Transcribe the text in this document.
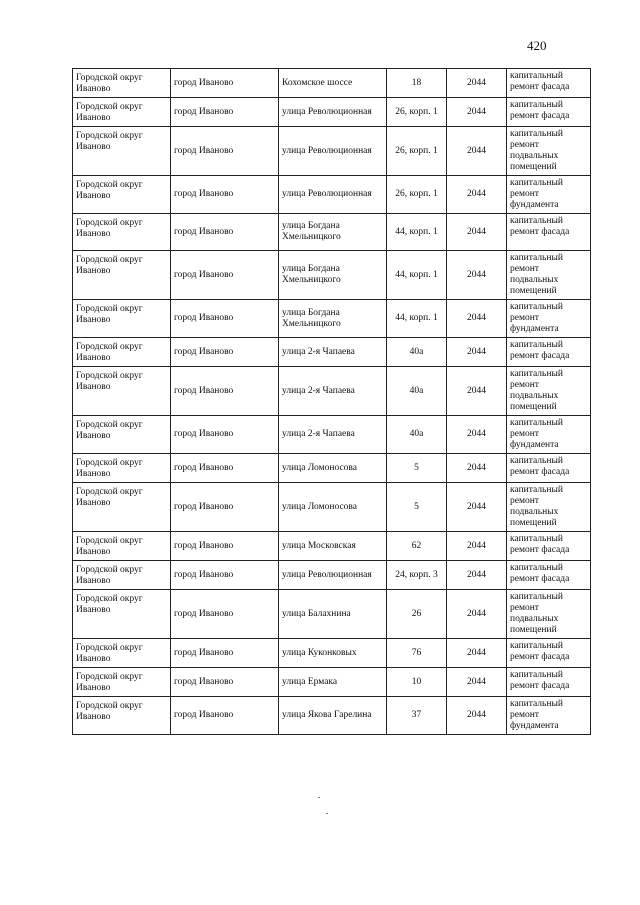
420
Городской округ Иваново	город Иваново	Кохомское шоссе	18	2044	капитальный ремонт фасада
Городской округ Иваново	город Иваново	улица Революционная	26, корп. 1	2044	капитальный ремонт фасада
Городской округ Иваново	город Иваново	улица Революционная	26, корп. 1	2044	капитальный ремонт подвальных помещений
Городской округ Иваново	город Иваново	улица Революционная	26, корп. 1	2044	капитальный ремонт фундамента
Городской округ Иваново	город Иваново	улица Богдана Хмельницкого	44, корп. 1	2044	капитальный ремонт фасада
Городской округ Иваново	город Иваново	улица Богдана Хмельницкого	44, корп. 1	2044	капитальный ремонт подвальных помещений
Городской округ Иваново	город Иваново	улица Богдана Хмельницкого	44, корп. 1	2044	капитальный ремонт фундамента
Городской округ Иваново	город Иваново	улица 2-я Чапаева	40а	2044	капитальный ремонт фасада
Городской округ Иваново	город Иваново	улица 2-я Чапаева	40а	2044	капитальный ремонт подвальных помещений
Городской округ Иваново	город Иваново	улица 2-я Чапаева	40а	2044	капитальный ремонт фундамента
Городской округ Иваново	город Иваново	улица Ломоносова	5	2044	капитальный ремонт фасада
Городской округ Иваново	город Иваново	улица Ломоносова	5	2044	капитальный ремонт подвальных помещений
Городской округ Иваново	город Иваново	улица Московская	62	2044	капитальный ремонт фасада
Городской округ Иваново	город Иваново	улица Революционная	24, корп. 3	2044	капитальный ремонт фасада
Городской округ Иваново	город Иваново	улица Балахнина	26	2044	капитальный ремонт подвальных помещений
Городской округ Иваново	город Иваново	улица Куконковых	76	2044	капитальный ремонт фасада
Городской округ Иваново	город Иваново	улица Ермака	10	2044	капитальный ремонт фасада
Городской округ Иваново	город Иваново	улица Якова Гарелина	37	2044	капитальный ремонт фундамента
